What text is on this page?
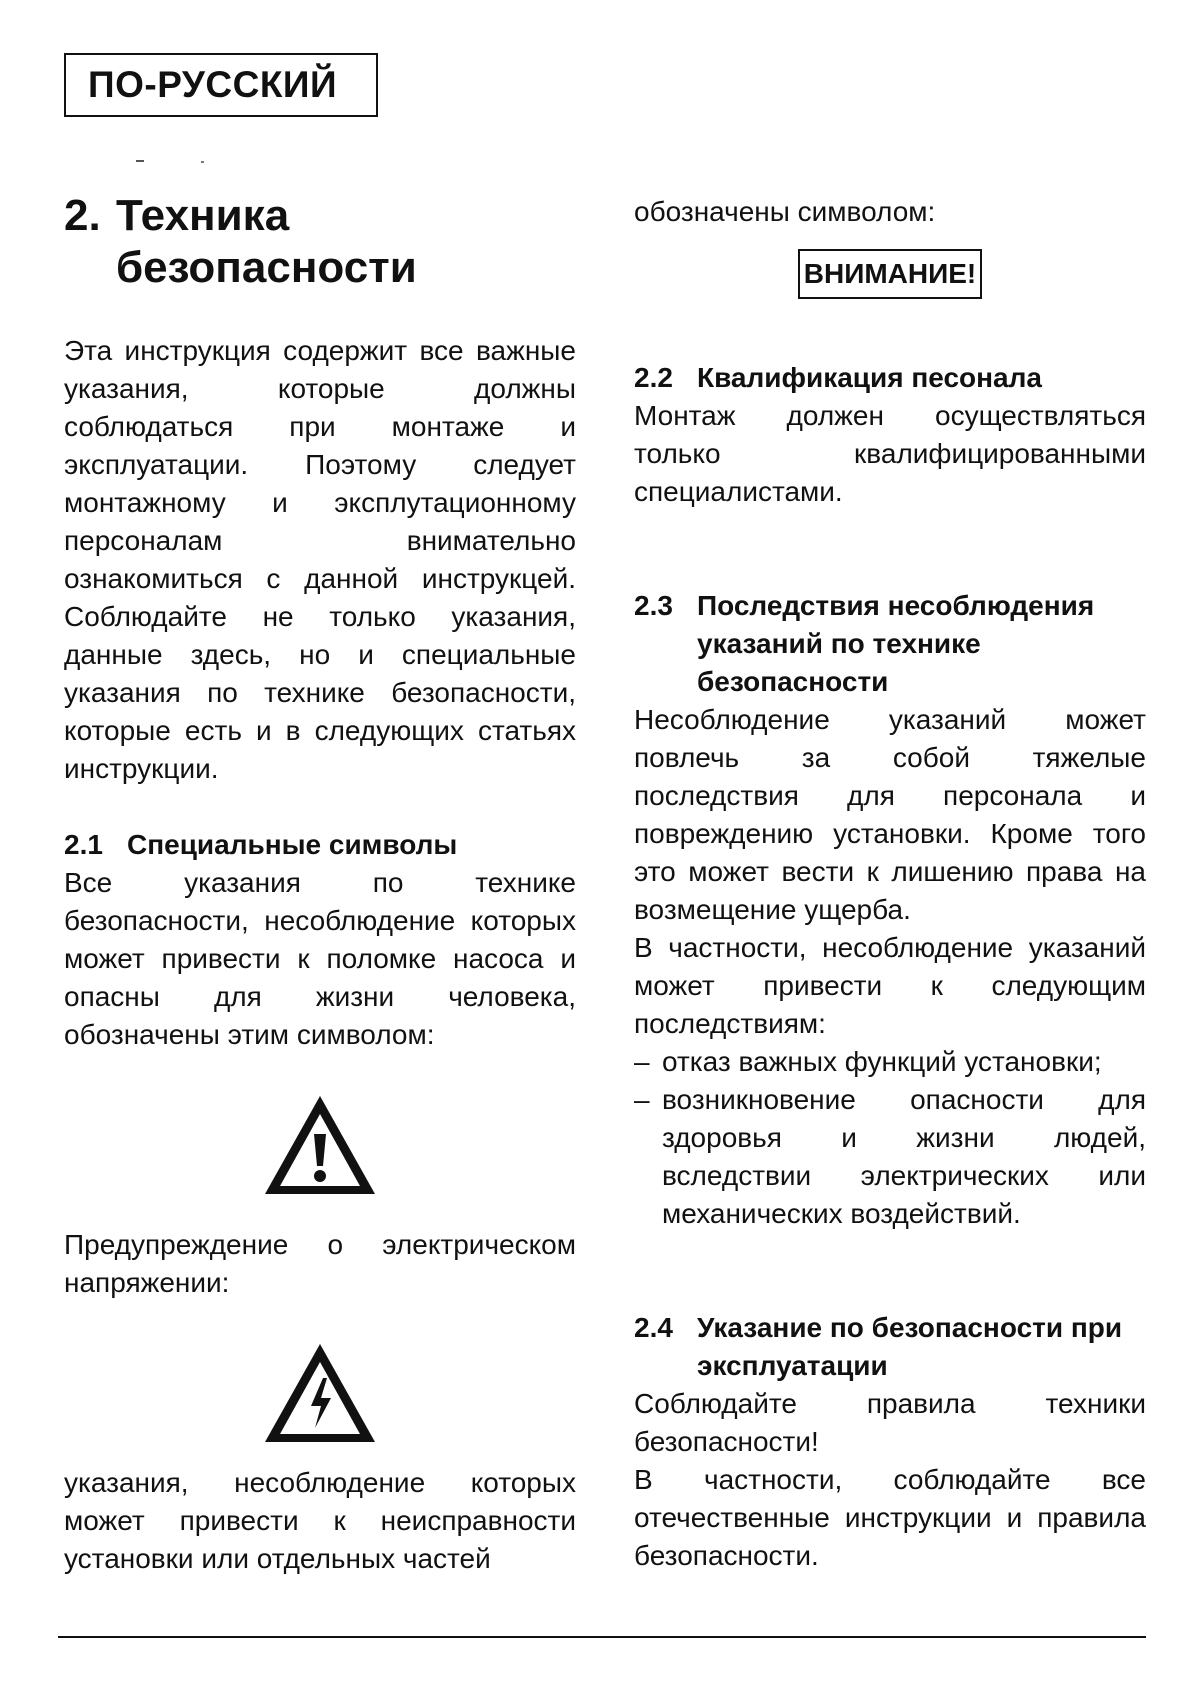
ПО-РУССКИЙ
2. Техника
безопасности

Эта инструкция содержит все важные указания, которые должны соблюдаться при монтаже и эксплуатации. Поэтому следует монтажному и эксплутационному персоналам внимательно ознакомиться с данной инструкцей. Соблюдайте не только указания, данные здесь, но и специальные указания по технике безопасности, которые есть и в следующих статьях инструкции.

2.1 Специальные символы

Все указания по технике безопасности, несоблюдение которых может привести к поломке насоса и опасны для жизни человека, обозначены этим символом:

Предупреждение о электрическом напряжении:

указания, несоблюдение которых может привести к неисправности установки или отдельных частей

обозначены символом:

ВНИМАНИЕ!
2.2 Квалификация песонала

Монтаж должен осуществляться только квалифицированными специалистами.

2.3 Последствия несоблюдения указаний по технике безопасности

Несоблюдение указаний может повлечь за собой тяжелые последствия для персонала и повреждению установки. Кроме того это может вести к лишению права на возмещение ущерба.

В частности, несоблюдение указаний может привести к следующим последствиям:

– отказ важных функций установки;
– возникновение опасности для здоровья и жизни людей, вследствии электрических или механических воздействий.
2.4 Указание по безопасности при эксплуатации

Соблюдайте правила техники безопасности!

В частности, соблюдайте все отечественные инструкции и правила безопасности.
